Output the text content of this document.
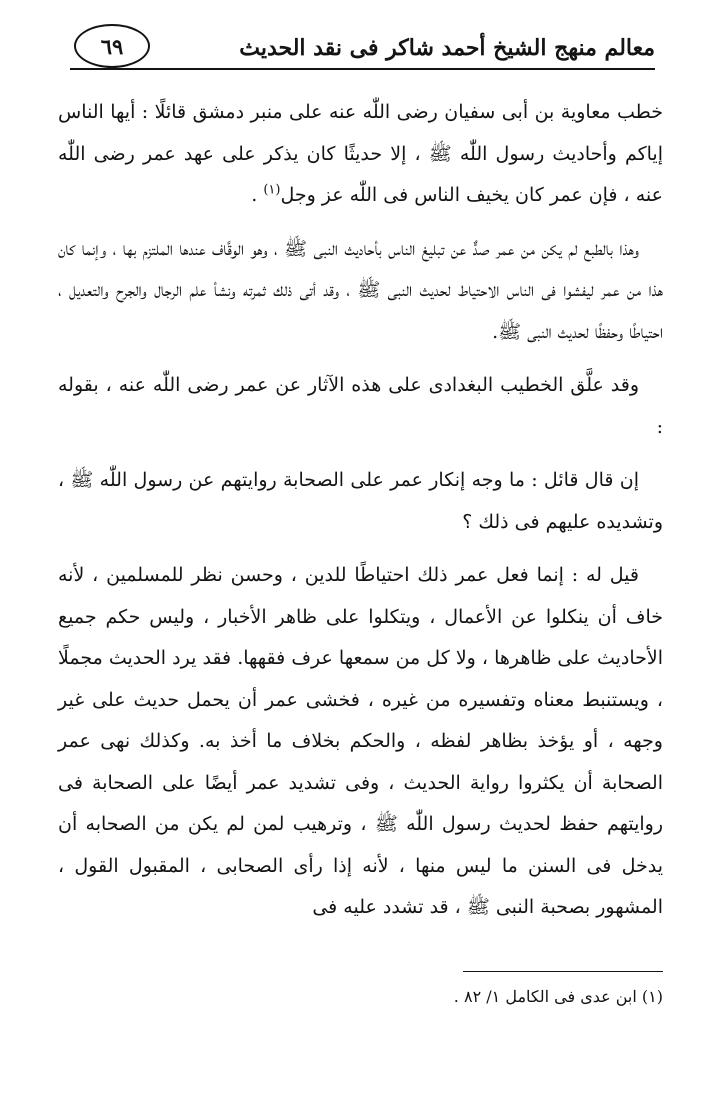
معالم منهج الشيخ أحمد شاكر فى نقد الحديث
٦٩

خطب معاوية بن أبى سفيان رضى اللّٰه عنه على منبر دمشق قائلًا : أيها الناس إياكم وأحاديث رسول اللّٰه ﷺ ، إلا حديثًا كان يذكر على عهد عمر رضى اللّٰه عنه ، فإن عمر كان يخيف الناس فى اللّٰه عز وجل$^{(١)}$ .

وهذا بالطبع لم يكن من عمر صدٌّ عن تبليغ الناس بأحاديث النبى ﷺ ، وهو الوقَّاف عندها الملتزم بها ، وإنما كان هذا من عمر ليفشوا فى الناس الاحتياط لحديث النبى ﷺ ، وقد أتى ذلك ثمرته ونشأ علم الرجال والجرح والتعديل ، احتياطًا وحفظًا لحديث النبى ﷺ.

وقد علَّق الخطيب البغدادى على هذه الآثار عن عمر رضى اللّٰه عنه ، بقوله :

إن قال قائل : ما وجه إنكار عمر على الصحابة روايتهم عن رسول اللّٰه ﷺ ، وتشديده عليهم فى ذلك ؟

قيل له : إنما فعل عمر ذلك احتياطًا للدين ، وحسن نظر للمسلمين ، لأنه خاف أن ينكلوا عن الأعمال ، ويتكلوا على ظاهر الأخبار ، وليس حكم جميع الأحاديث على ظاهرها ، ولا كل من سمعها عرف فقهها. فقد يرد الحديث مجملًا ، ويستنبط معناه وتفسيره من غيره ، فخشى عمر أن يحمل حديث على غير وجهه ، أو يؤخذ بظاهر لفظه ، والحكم بخلاف ما أخذ به. وكذلك نهى عمر الصحابة أن يكثروا رواية الحديث ، وفى تشديد عمر أيضًا على الصحابة فى روايتهم حفظ لحديث رسول اللّٰه ﷺ ، وترهيب لمن لم يكن من الصحابه أن يدخل فى السنن ما ليس منها ، لأنه إذا رأى الصحابى ، المقبول القول ، المشهور بصحبة النبى ﷺ ، قد تشدد عليه فى

(١) ابن عدى فى الكامل ١/ ٨٢ .
